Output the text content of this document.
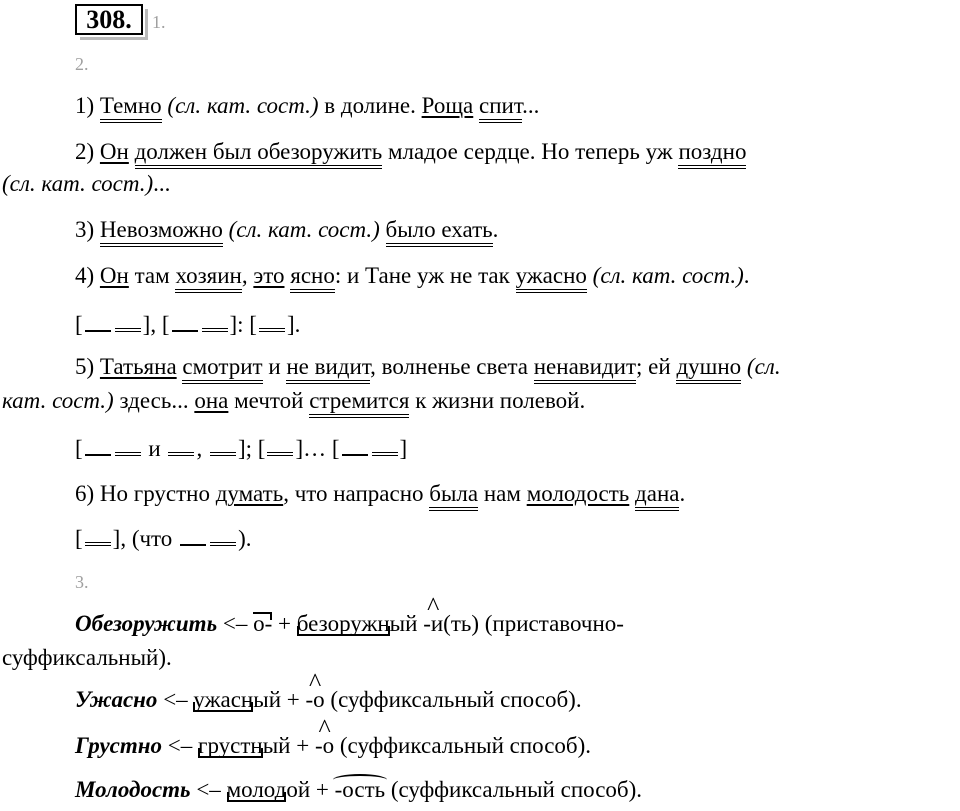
308.	1.
2.
1) Темно (сл. кат. сост.) в долине. Роща спит...
2) Он должен был обезоружить младое сердце. Но теперь уж поздно
(сл. кат. сост.)...
3) Невозможно (сл. кат. сост.) было ехать.
4) Он там хозяин, это ясно: и Тане уж не так ужасно (сл. кат. сост.).
[	], [	]: [ ].
5) Татьяна смотрит и не видит, волненье света ненавидит; ей душно (сл.
кат. сост.) здесь... она мечтой стремится к жизни полевой.
[	и , ]; [ ]… [	]
6) Но грустно думать, что напрасно была нам молодость дана.
[ ], (что	).
3.
Обезоружить <– о- + безоружный ^ -и(ть) (приставочно-
суффиксальный).
Ужасно <– ужасный + ^ -о (суффиксальный способ).
Грустно <– грустный + ^ -о (суффиксальный способ).
Молодость <– молодой + -ость (суффиксальный способ).
